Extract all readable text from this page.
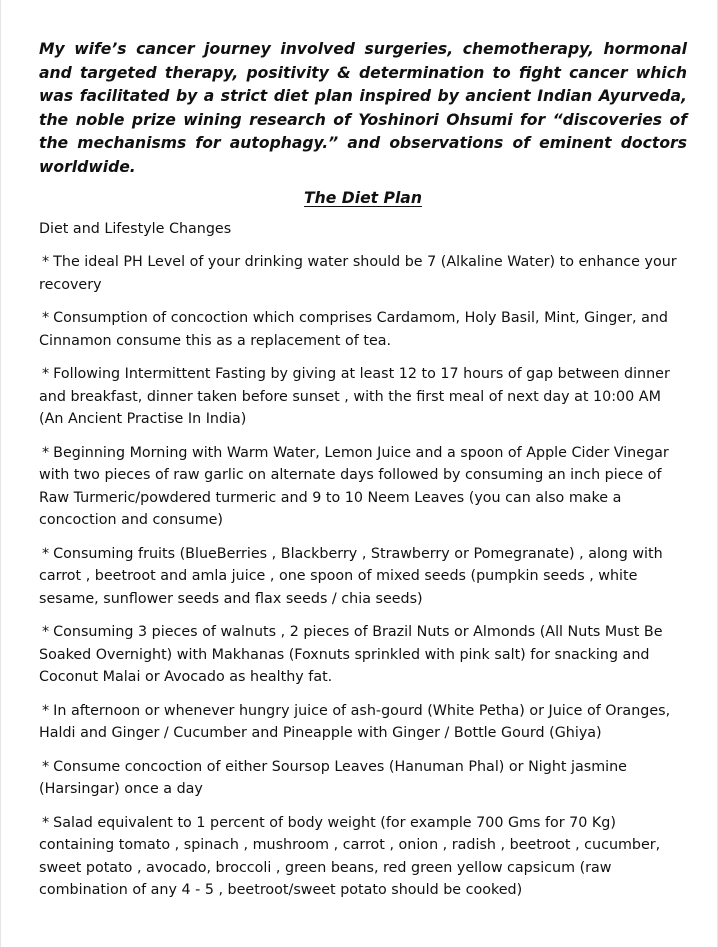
My wife’s cancer journey involved surgeries, chemotherapy, hormonal and targeted therapy, positivity & determination to fight cancer which was facilitated by a strict diet plan inspired by ancient Indian Ayurveda, the noble prize wining research of Yoshinori Ohsumi for “discoveries of the mechanisms for autophagy.” and observations of eminent doctors worldwide.

The Diet Plan
Diet and Lifestyle Changes
* The ideal PH Level of your drinking water should be 7 (Alkaline Water) to enhance your recovery
* Consumption of concoction which comprises Cardamom, Holy Basil, Mint, Ginger, and Cinnamon consume this as a replacement of tea.
* Following Intermittent Fasting by giving at least 12 to 17 hours of gap between dinner and breakfast, dinner taken before sunset , with the first meal of next day at 10:00 AM (An Ancient Practise In India)
* Beginning Morning with Warm Water, Lemon Juice and a spoon of Apple Cider Vinegar with two pieces of raw garlic on alternate days followed by consuming an inch piece of Raw Turmeric/powdered turmeric and 9 to 10 Neem Leaves (you can also make a concoction and consume)
* Consuming fruits (BlueBerries , Blackberry , Strawberry or Pomegranate) , along with carrot , beetroot and amla juice , one spoon of mixed seeds (pumpkin seeds , white sesame, sunflower seeds and flax seeds / chia seeds)
* Consuming 3 pieces of walnuts , 2 pieces of Brazil Nuts or Almonds (All Nuts Must Be Soaked Overnight) with Makhanas (Foxnuts sprinkled with pink salt) for snacking and Coconut Malai or Avocado as healthy fat.
* In afternoon or whenever hungry juice of ash-gourd (White Petha) or Juice of Oranges, Haldi and Ginger / Cucumber and Pineapple with Ginger / Bottle Gourd (Ghiya)
* Consume concoction of either Soursop Leaves (Hanuman Phal) or Night jasmine (Harsingar) once a day
* Salad equivalent to 1 percent of body weight (for example 700 Gms for 70 Kg) containing tomato , spinach , mushroom , carrot , onion , radish , beetroot , cucumber, sweet potato , avocado, broccoli , green beans, red green yellow capsicum (raw combination of any 4 - 5 , beetroot/sweet potato should be cooked)
